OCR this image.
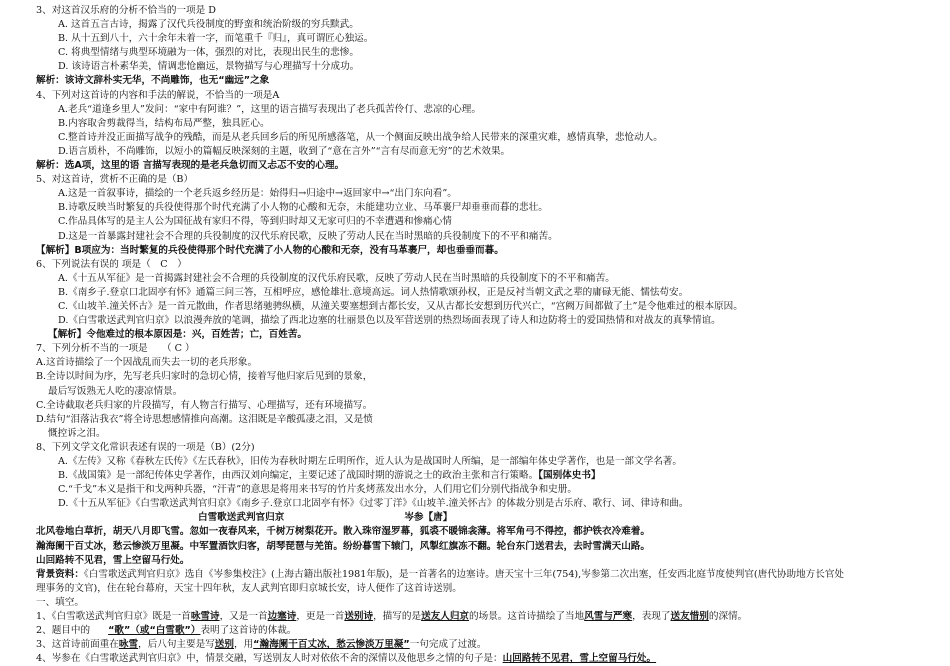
3、对这首汉乐府的分析不恰当的一项是 D
A. 这首五言古诗，揭露了汉代兵役制度的野蛮和统治阶级的穷兵黩武。
B. 从十五到八十，六十余年未着一字，而笔重千『归』，真可谓匠心独运。
C. 将典型情绪与典型环境融为一体，强烈的对比，表现出民生的悲惨。
D. 该诗语言朴素华美，情调悲怆幽远，景物描写与心理描写十分成功。
解析：该诗文辞朴实无华，不尚雕饰，也无“幽远”之象
4、下列对这首诗的内容和手法的解说，不恰当的一项是A
A.老兵“道逢乡里人”发问：“家中有阿谁？”，这里的语言描写表现出了老兵孤苦伶仃、悲凉的心理。
B.内容取舍剪裁得当，结构布局严整，独具匠心。
C.整首诗并没正面描写战争的残酷，而是从老兵回乡后的所见所感落笔，从一个侧面反映出战争给人民带来的深重灾难，感情真挚，悲怆动人。
D.语言质朴，不尚雕饰，以短小的篇幅反映深刻的主题，收到了“意在言外”“言有尽而意无穷”的艺术效果。
解析：选A项，这里的语 言描写表现的是老兵急切而又忐忑不安的心理。
5、对这首诗，赏析不正确的是（B）
A.这是一首叙事诗，描绘的一个老兵返乡经历是：始得归→归途中→返回家中→“出门东向看”。
B.诗歌反映当时繁复的兵役使得那个时代充满了小人物的心酸和无奈，未能建功立业、马革裹尸却垂垂而暮的悲壮。
C.作品具体写的是主人公为国征战有家归不得，等到归时却又无家可归的不幸遭遇和惨痛心情
D.这是一首暴露封建社会不合理的兵役制度的汉代乐府民歌，反映了劳动人民在当时黑暗的兵役制度下的不平和痛苦。
【解析】B项应为：当时繁复的兵役使得那个时代充满了小人物的心酸和无奈，没有马革裹尸，却也垂垂而暮。
6、下列说法有误的 项是（　C　）
A.《十五从军征》是一首揭露封建社会不合理的兵役制度的汉代乐府民歌，反映了劳动人民在当时黑暗的兵役制度下的不平和痛苦。
B.《南乡子.登京口北固亭有怀》通篇三问三答，互相呼应，感怆雄壮.意境高远。词人热情歌颂孙权，正是反衬当朝文武之辈的庸碌无能、懦怯苟安。
C.《山坡羊.潼关怀古》是一首元散曲，作者思绪驰骋纵横，从潼关要塞想到古都长安，又从古都长安想到历代兴亡，“宫阙万间都做了土”是令他难过的根本原因。
D.《白雪歌送武判官归京》以浪漫奔放的笔调，描绘了西北边塞的壮丽景色以及军营送别的热烈场面表现了诗人和边防将士的爱国热情和对战友的真挚情谊。
【解析】令他难过的根本原因是：兴，百姓苦；亡，百姓苦。
7、下列分析不当的一项是　　（ C ）
A.这首诗描绘了一个因战乱而失去一切的老兵形象。
B.全诗以时间为序，先写老兵归家时的急切心情，接着写他归家后见到的景象，
最后写饭熟无人吃的凄凉情景。
C.全诗截取老兵归家的片段描写，有人物言行描写、心理描写，还有环境描写。
D.结句“泪落沾我衣”将全诗思想感情推向高潮。这泪既是辛酸孤凄之泪，又是愤
慨控诉之泪。
8、下列文学文化常识表述有误的一项是（B）(2分)
A.《左传》又称《春秋左氏传》《左氏春秋》，旧传为春秋时期左丘明所作，近人认为是战国时人所编，是一部编年体史学著作，也是一部文学名著。
B.《战国策》是一部纪传体史学著作，由西汉刘向编定，主要记述了战国时期的游说之士的政治主张和言行策略。【国别体史书】
C.“千戈”本义是指干和戈两种兵器，“汗青”的意思是将用来书写的竹片炙烤蒸发出水分，人们用它们分别代指战争和史册。
D.《十五从军征》《白雪歌送武判官归京》《南乡子.登京口北固亭有怀》《过零丁洋》《山坡羊.潼关怀古》的体裁分别是古乐府、歌行、词、律诗和曲。
白雪歌送武判官归京	岑参【唐】
北风卷地白草折，胡天八月即飞雪。忽如一夜春风来，千树万树梨花开。散入珠帘湿罗幕，狐裘不暖锦衾薄。将军角弓不得控，都护铁衣冷难着。
瀚海阑干百丈冰，愁云惨淡万里凝。中军置酒饮归客，胡琴琵琶与羌笛。纷纷暮雪下辕门，风掣红旗冻不翻。轮台东门送君去，去时雪满天山路。
山回路转不见君，雪上空留马行处。
背景资料：《白雪歌送武判官归京》选自《岑参集校注》(上海古籍出版社1981年版)，是一首著名的边塞诗。唐天宝十三年(754),岑参第二次出塞，任安西北庭节度使判官(唐代协助地方长官处
理事务的文官)，住在轮台幕府，天宝十四年秋，友人武判官即归京城长安，诗人便作了这首诗送别。
一、填空。
1、《白雪歌送武判官归京》既是一首咏雪诗，又是一首边塞诗，更是一首送别诗，描写的是送友人归京的场景。这首诗描绘了当地风雪与严寒，表现了送友惜别的深情。
2、题目中的 “歌”（或“白雪歌”）表明了这首诗的体裁。
3、这首诗前面重在咏雪，后八句主要是写送别，用“瀚海阑干百丈冰，愁云惨淡万里凝”一句完成了过渡。
4、岑参在《白雪歌送武判官归京》中，情景交融，写送别友人时对依依不舍的深情以及他思乡之情的句子是：山回路转不见君，雪上空留马行处。
